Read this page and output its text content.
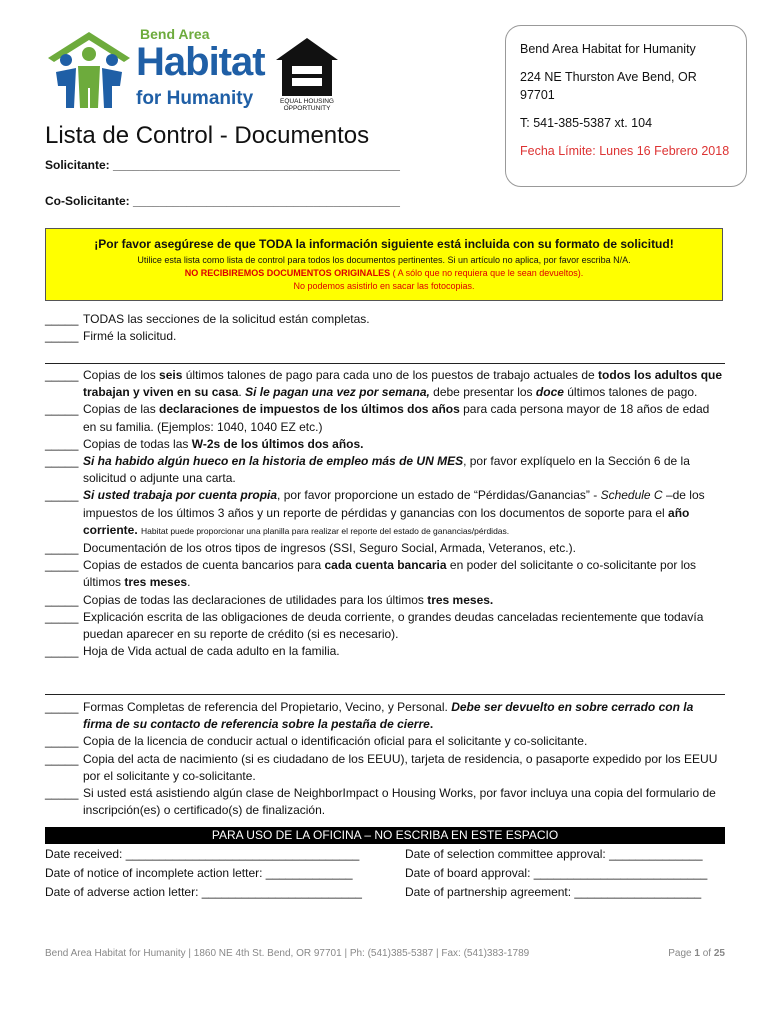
Bend Area
Habitat
for Humanity	EQUAL HOUSING OPPORTUNITY
Bend Area Habitat for Humanity
224 NE Thurston Ave Bend, OR 97701
T: 541-385-5387 xt. 104
Fecha Límite: Lunes 16 Febrero 2018
Lista de Control - Documentos
Solicitante: ___________________________________________
Co-Solicitante: ________________________________________
¡Por favor asegúrese de que TODA la información siguiente está incluida con su formato de solicitud!
Utilice esta lista como lista de control para todos los documentos pertinentes. Si un artículo no aplica, por favor escriba N/A.
NO RECIBIREMOS DOCUMENTOS ORIGINALES ( A sólo que no requiera que le sean devueltos).
No podemos asistirlo en sacar las fotocopias.
_____ TODAS las secciones de la solicitud están completas.
_____ Firmé la solicitud.
_____ Copias de los seis últimos talones de pago para cada uno de los puestos de trabajo actuales de todos los adultos que trabajan y viven en su casa. Si le pagan una vez por semana, debe presentar los doce últimos talones de pago.
_____ Copias de las declaraciones de impuestos de los últimos dos años para cada persona mayor de 18 años de edad en su familia. (Ejemplos: 1040, 1040 EZ etc.)
_____ Copias de todas las W-2s de los últimos dos años.
_____ Si ha habido algún hueco en la historia de empleo más de UN MES, por favor explíquelo en la Sección 6 de la solicitud o adjunte una carta.
_____ Si usted trabaja por cuenta propia, por favor proporcione un estado de “Pérdidas/Ganancias” - Schedule C –de los impuestos de los últimos 3 años y un reporte de pérdidas y ganancias con los documentos de soporte para el año corriente. Habitat puede proporcionar una planilla para realizar el reporte del estado de ganancias/pérdidas.
_____ Documentación de los otros tipos de ingresos (SSI, Seguro Social, Armada, Veteranos, etc.).
_____ Copias de estados de cuenta bancarios para cada cuenta bancaria en poder del solicitante o co-solicitante por los últimos tres meses.
_____ Copias de todas las declaraciones de utilidades para los últimos tres meses.
_____ Explicación escrita de las obligaciones de deuda corriente, o grandes deudas canceladas recientemente que todavía puedan aparecer en su reporte de crédito (si es necesario).
_____ Hoja de Vida actual de cada adulto en la familia.
_____ Formas Completas de referencia del Propietario, Vecino, y Personal. Debe ser devuelto en sobre cerrado con la firma de su contacto de referencia sobre la pestaña de cierre.
_____ Copia de la licencia de conducir actual o identificación oficial para el solicitante y co-solicitante.
_____ Copia del acta de nacimiento (si es ciudadano de los EEUU), tarjeta de residencia, o pasaporte expedido por los EEUU por el solicitante y co-solicitante.
_____ Si usted está asistiendo algún clase de NeighborImpact o Housing Works, por favor incluya una copia del formulario de inscripción(es) o certificado(s) de finalización.
PARA USO DE LA OFICINA – NO ESCRIBA EN ESTE ESPACIO
Date received: ___________________________________
Date of notice of incomplete action letter: _____________
Date of adverse action letter: ________________________
Date of selection committee approval: ______________
Date of board approval: __________________________
Date of partnership agreement: ___________________
Bend Area Habitat for Humanity | 1860 NE 4th St. Bend, OR 97701 | Ph: (541)385-5387 | Fax: (541)383-1789	Page 1 of 25
